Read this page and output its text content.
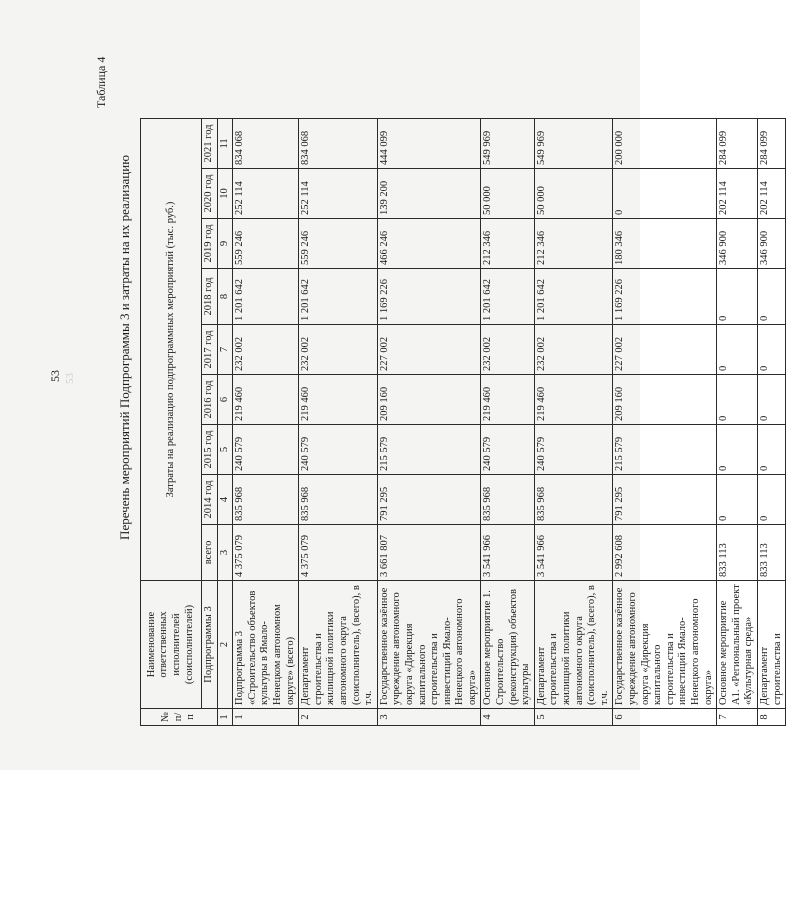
53 53
Таблица 4
Перечень мероприятий Подпрограммы 3 и затраты на их реализацию
№ п/п	Наименование ответственных исполнителей (соисполнителей)	Затраты на реализацию подпрограммных мероприятий (тыс. руб.)								
	Подпрограммы 3	всего	2014 год	2015 год	2016 год	2017 год	2018 год	2019 год	2020 год	2021 год
1	2	3	4	5	6	7	8	9	10	11
1	Подпрограмма 3 «Строительство объектов культуры в Ямало-Ненецком автономном округе» (всего)	4 375 079	835 968	240 579	219 460	232 002	1 201 642	559 246	252 114	834 068
2	Департамент строительства и жилищной политики автономного округа (соисполнитель), (всего), в т.ч.	4 375 079	835 968	240 579	219 460	232 002	1 201 642	559 246	252 114	834 068
3	Государственное казённое учреждение автономного округа «Дирекция капитального строительства и инвестиций Ямало-Ненецкого автономного округа»	3 661 807	791 295	215 579	209 160	227 002	1 169 226	466 246	139 200	444 099
4	Основное мероприятие 1. Строительство (реконструкция) объектов культуры	3 541 966	835 968	240 579	219 460	232 002	1 201 642	212 346	50 000	549 969
5	Департамент строительства и жилищной политики автономного округа (соисполнитель), (всего), в т.ч.	3 541 966	835 968	240 579	219 460	232 002	1 201 642	212 346	50 000	549 969
6	Государственное казённое учреждение автономного округа «Дирекция капитального строительства и инвестиций Ямало-Ненецкого автономного округа»	2 992 608	791 295	215 579	209 160	227 002	1 169 226	180 346	0	200 000
7	Основное мероприятие А1. «Региональный проект «Культурная среда»	833 113	0	0	0	0	0	346 900	202 114	284 099
8	Департамент строительства и	833 113	0	0	0	0	0	346 900	202 114	284 099
